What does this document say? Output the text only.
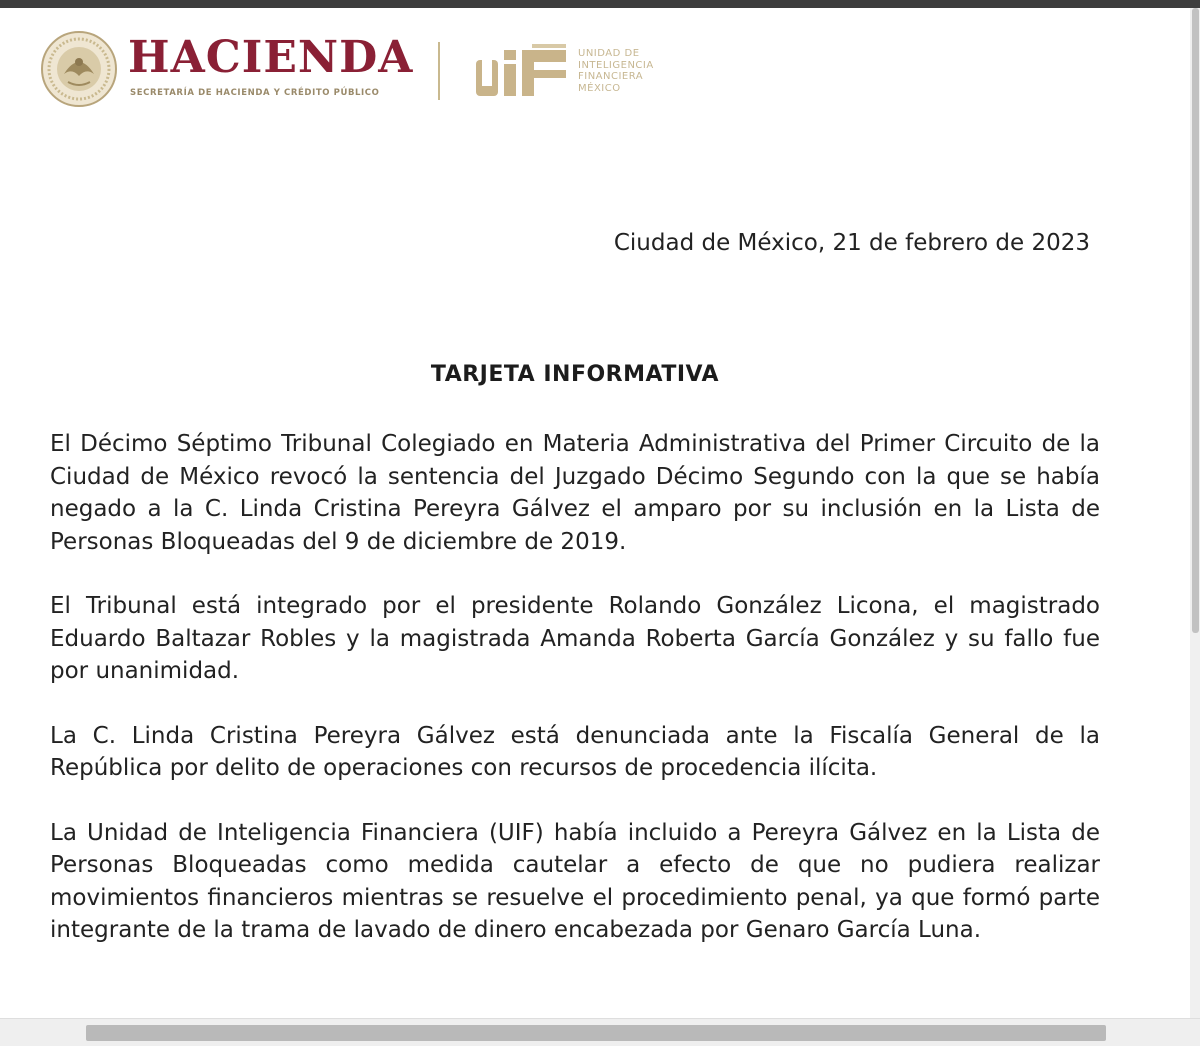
HACIENDA
SECRETARÍA DE HACIENDA Y CRÉDITO PÚBLICO
UNIDAD DE
INTELIGENCIA
FINANCIERA
MÉXICO
Ciudad de México, 21 de febrero de 2023
TARJETA INFORMATIVA

El Décimo Séptimo Tribunal Colegiado en Materia Administrativa del Primer Circuito de la Ciudad de México revocó la sentencia del Juzgado Décimo Segundo con la que se había negado a la C. Linda Cristina Pereyra Gálvez el amparo por su inclusión en la Lista de Personas Bloqueadas del 9 de diciembre de 2019.

El Tribunal está integrado por el presidente Rolando González Licona, el magistrado Eduardo Baltazar Robles y la magistrada Amanda Roberta García González y su fallo fue por unanimidad.

La C. Linda Cristina Pereyra Gálvez está denunciada ante la Fiscalía General de la República por delito de operaciones con recursos de procedencia ilícita.

La Unidad de Inteligencia Financiera (UIF) había incluido a Pereyra Gálvez en la Lista de Personas Bloqueadas como medida cautelar a efecto de que no pudiera realizar movimientos financieros mientras se resuelve el procedimiento penal, ya que formó parte integrante de la trama de lavado de dinero encabezada por Genaro García Luna.
